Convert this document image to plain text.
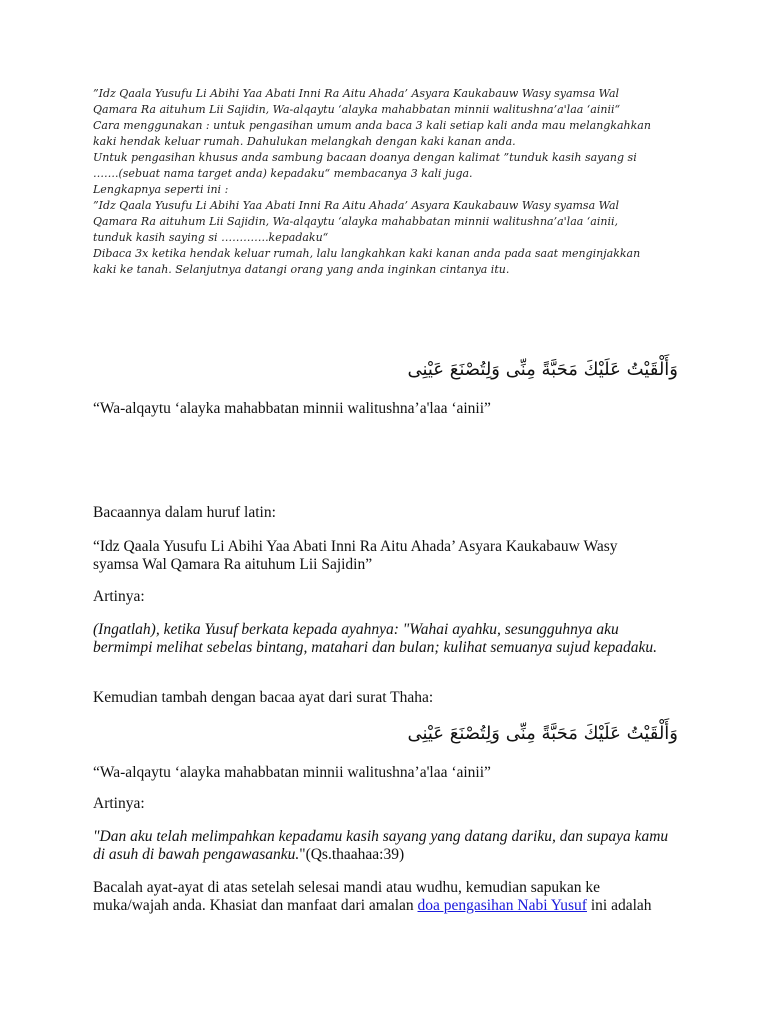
”Idz Qaala Yusufu Li Abihi Yaa Abati Inni Ra Aitu Ahada’ Asyara Kaukabauw Wasy syamsa Wal
Qamara Ra aituhum Lii Sajidin, Wa-alqaytu ‘alayka mahabbatan minnii walitushna’a'laa ‘ainii“
Cara menggunakan : untuk pengasihan umum anda baca 3 kali setiap kali anda mau melangkahkan
kaki hendak keluar rumah. Dahulukan melangkah dengan kaki kanan anda.
Untuk pengasihan khusus anda sambung bacaan doanya dengan kalimat ”tunduk kasih sayang si
…….(sebuat nama target anda) kepadaku“ membacanya 3 kali juga.
Lengkapnya seperti ini :
”Idz Qaala Yusufu Li Abihi Yaa Abati Inni Ra Aitu Ahada’ Asyara Kaukabauw Wasy syamsa Wal
Qamara Ra aituhum Lii Sajidin, Wa-alqaytu ‘alayka mahabbatan minnii walitushna’a'laa ‘ainii,
tunduk kasih saying si ………….kepadaku“
Dibaca 3x ketika hendak keluar rumah, lalu langkahkan kaki kanan anda pada saat menginjakkan
kaki ke tanah. Selanjutnya datangi orang yang anda inginkan cintanya itu.
وَأَلْقَيْتُ عَلَيْكَ مَحَبَّةً مِنِّى وَلِتُصْنَعَ عَيْنِى
“Wa-alqaytu ‘alayka mahabbatan minnii walitushna’a'laa ‘ainii”
Bacaannya dalam huruf latin:
“Idz Qaala Yusufu Li Abihi Yaa Abati Inni Ra Aitu Ahada’ Asyara Kaukabauw Wasy
syamsa Wal Qamara Ra aituhum Lii Sajidin”
Artinya:
(Ingatlah), ketika Yusuf berkata kepada ayahnya: "Wahai ayahku, sesungguhnya aku
bermimpi melihat sebelas bintang, matahari dan bulan; kulihat semuanya sujud kepadaku.
Kemudian tambah dengan bacaa ayat dari surat Thaha:
وَأَلْقَيْتُ عَلَيْكَ مَحَبَّةً مِنِّى وَلِتُصْنَعَ عَيْنِى
“Wa-alqaytu ‘alayka mahabbatan minnii walitushna’a'laa ‘ainii”
Artinya:
"Dan aku telah melimpahkan kepadamu kasih sayang yang datang dariku, dan supaya kamu
di asuh di bawah pengawasanku."(Qs.thaahaa:39)
Bacalah ayat-ayat di atas setelah selesai mandi atau wudhu, kemudian sapukan ke
muka/wajah anda. Khasiat dan manfaat dari amalan doa pengasihan Nabi Yusuf ini adalah
